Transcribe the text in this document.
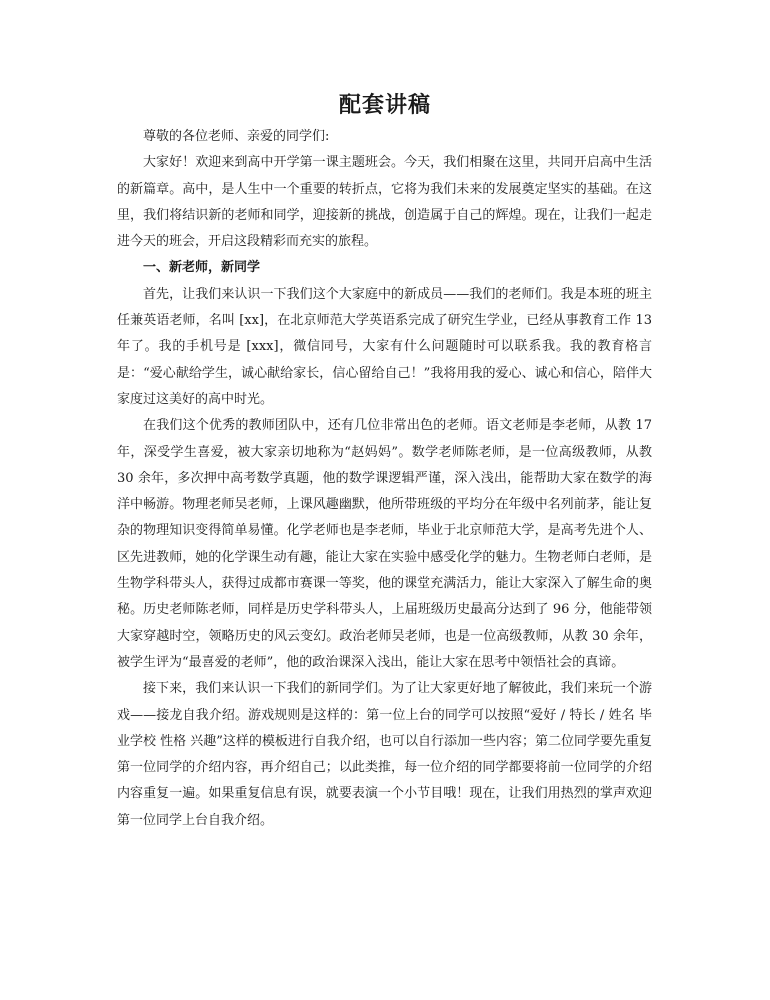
配套讲稿

尊敬的各位老师、亲爱的同学们:

大家好！欢迎来到高中开学第一课主题班会。今天，我们相聚在这里，共同开启高中生活的新篇章。高中，是人生中一个重要的转折点，它将为我们未来的发展奠定坚实的基础。在这里，我们将结识新的老师和同学，迎接新的挑战，创造属于自己的辉煌。现在，让我们一起走进今天的班会，开启这段精彩而充实的旅程。

一、新老师，新同学

首先，让我们来认识一下我们这个大家庭中的新成员——我们的老师们。我是本班的班主任兼英语老师，名叫 [xx]，在北京师范大学英语系完成了研究生学业，已经从事教育工作 13 年了。我的手机号是 [xxx]，微信同号，大家有什么问题随时可以联系我。我的教育格言是：“爱心献给学生，诚心献给家长，信心留给自己！”我将用我的爱心、诚心和信心，陪伴大家度过这美好的高中时光。

在我们这个优秀的教师团队中，还有几位非常出色的老师。语文老师是李老师，从教 17 年，深受学生喜爱，被大家亲切地称为“赵妈妈”。数学老师陈老师，是一位高级教师，从教 30 余年，多次押中高考数学真题，他的数学课逻辑严谨，深入浅出，能帮助大家在数学的海洋中畅游。物理老师吴老师，上课风趣幽默，他所带班级的平均分在年级中名列前茅，能让复杂的物理知识变得简单易懂。化学老师也是李老师，毕业于北京师范大学，是高考先进个人、区先进教师，她的化学课生动有趣，能让大家在实验中感受化学的魅力。生物老师白老师，是生物学科带头人，获得过成都市赛课一等奖，他的课堂充满活力，能让大家深入了解生命的奥秘。历史老师陈老师，同样是历史学科带头人，上届班级历史最高分达到了 96 分，他能带领大家穿越时空，领略历史的风云变幻。政治老师吴老师，也是一位高级教师，从教 30 余年，被学生评为“最喜爱的老师”，他的政治课深入浅出，能让大家在思考中领悟社会的真谛。

接下来，我们来认识一下我们的新同学们。为了让大家更好地了解彼此，我们来玩一个游戏——接龙自我介绍。游戏规则是这样的：第一位上台的同学可以按照“爱好 / 特长 / 姓名 毕业学校 性格 兴趣”这样的模板进行自我介绍，也可以自行添加一些内容；第二位同学要先重复第一位同学的介绍内容，再介绍自己；以此类推，每一位介绍的同学都要将前一位同学的介绍内容重复一遍。如果重复信息有误，就要表演一个小节目哦！现在，让我们用热烈的掌声欢迎第一位同学上台自我介绍。
